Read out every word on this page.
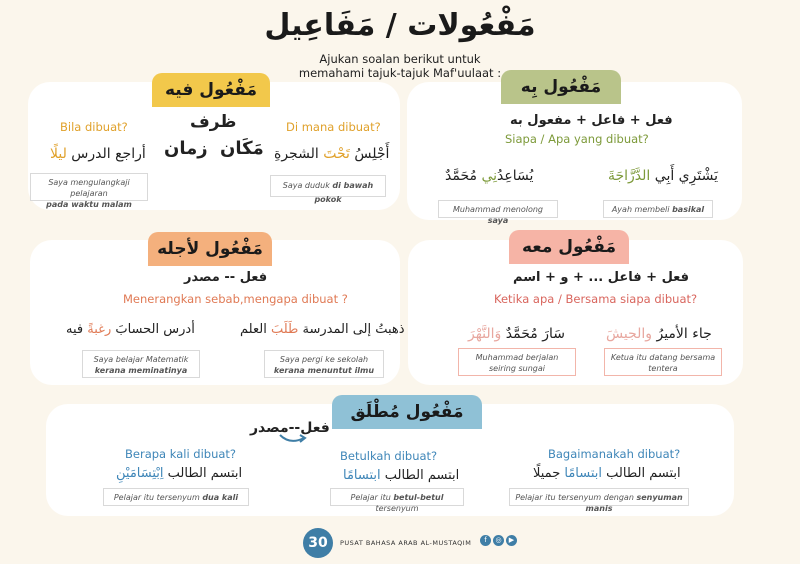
مَفْعُولات / مَفَاعِيل
Ajukan soalan berikut untuk
memahami tajuk-tajuk Maf'uulaat :
مَفْعُول فيه
ظرف
مَكَان
زمان
Di mana dibuat?
Bila dibuat?
أَجْلِسُ تَحْتَ الشجرةِ
أراجع الدرس ليلًا
Saya duduk di bawah pokok
Saya mengulangkaji pelajaran
pada waktu malam
مَفْعُول بِه
فعل + فاعل + مفعول به
Siapa / Apa yang dibuat?
يَشْتَرِي أَبِي الدَّرَّاجَةَ
يُسَاعِدُنِي مُحَمَّدٌ
Ayah membeli basikal
Muhammad menolong saya
مَفْعُول لأجله
فعل -- مصدر
Menerangkan sebab,mengapa dibuat ?
ذهبتُ إلى المدرسة طَلَبَ العلم
أدرس الحسابَ رغبةً فيه
Saya pergi ke sekolah
kerana menuntut ilmu
Saya belajar Matematik
kerana meminatinya
مَفْعُول معه
فعل + فاعل ... + و + اسم
Ketika apa / Bersama siapa dibuat?
جاء الأميرُ والجيشَ
سَارَ مُحَمَّدٌ وَالنَّهْرَ
Ketua itu datang bersama
tentera
Muhammad berjalan
seiring sungai
مَفْعُول مُطْلَق
فعل--مصدر
Berapa kali dibuat?	Betulkah dibuat?	Bagaimanakah dibuat?
ابتسم الطالب اِبْتِسَامَيْنِ	ابتسم الطالب ابتسامًا	ابتسم الطالب ابتسامًا جميلًا
Pelajar itu tersenyum dua kali	Pelajar itu betul-betul tersenyum
Pelajar itu tersenyum dengan senyuman manis
30	PUSAT BAHASA ARAB AL-MUSTAQIM	f	◎	▶
